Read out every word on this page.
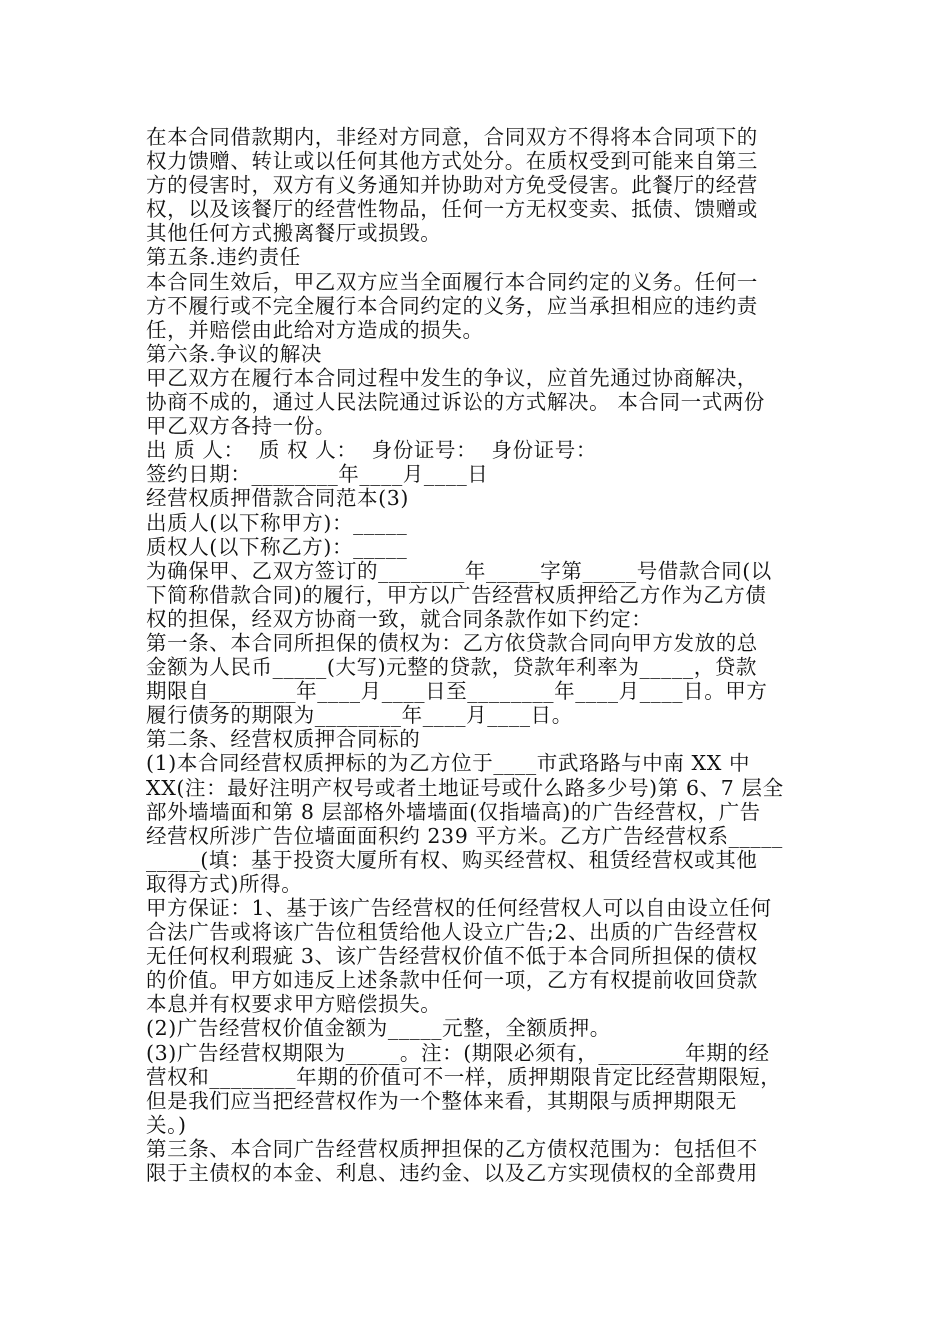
在本合同借款期内，非经对方同意，合同双方不得将本合同项下的
权力馈赠、转让或以任何其他方式处分。在质权受到可能来自第三
方的侵害时，双方有义务通知并协助对方免受侵害。此餐厅的经营
权，以及该餐厅的经营性物品，任何一方无权变卖、抵债、馈赠或
其他任何方式搬离餐厅或损毁。
第五条.违约责任
本合同生效后，甲乙双方应当全面履行本合同约定的义务。任何一
方不履行或不完全履行本合同约定的义务，应当承担相应的违约责
任，并赔偿由此给对方造成的损失。
第六条.争议的解决
甲乙双方在履行本合同过程中发生的争议，应首先通过协商解决，
协商不成的，通过人民法院通过诉讼的方式解决。 本合同一式两份
甲乙双方各持一份。
出 质 人：  质 权 人：  身份证号：  身份证号：
签约日期：________年____月____日
经营权质押借款合同范本(3)
出质人(以下称甲方)：_____
质权人(以下称乙方)：_____
为确保甲、乙双方签订的________年_____字第_____号借款合同(以
下简称借款合同)的履行，甲方以广告经营权质押给乙方作为乙方债
权的担保，经双方协商一致，就合同条款作如下约定：
第一条、本合同所担保的债权为：乙方依贷款合同向甲方发放的总
金额为人民币_____(大写)元整的贷款，贷款年利率为_____，贷款
期限自________年____月____日至________年____月____日。甲方
履行债务的期限为________年____月____日。
第二条、经营权质押合同标的
(1)本合同经营权质押标的为乙方位于____市武珞路与中南 XX 中
XX(注：最好注明产权号或者土地证号或什么路多少号)第 6、7 层全
部外墙墙面和第 8 层部格外墙墙面(仅指墙高)的广告经营权，广告
经营权所涉广告位墙面面积约 239 平方米。乙方广告经营权系_____
_____(填：基于投资大厦所有权、购买经营权、租赁经营权或其他
取得方式)所得。
甲方保证：1、基于该广告经营权的任何经营权人可以自由设立任何
合法广告或将该广告位租赁给他人设立广告;2、出质的广告经营权
无任何权利瑕疵 3、该广告经营权价值不低于本合同所担保的债权
的价值。甲方如违反上述条款中任何一项，乙方有权提前收回贷款
本息并有权要求甲方赔偿损失。
(2)广告经营权价值金额为_____元整，全额质押。
(3)广告经营权期限为_____。注：(期限必须有，________年期的经
营权和________年期的价值可不一样，质押期限肯定比经营期限短，
但是我们应当把经营权作为一个整体来看，其期限与质押期限无
关。)
第三条、本合同广告经营权质押担保的乙方债权范围为：包括但不
限于主债权的本金、利息、违约金、以及乙方实现债权的全部费用
